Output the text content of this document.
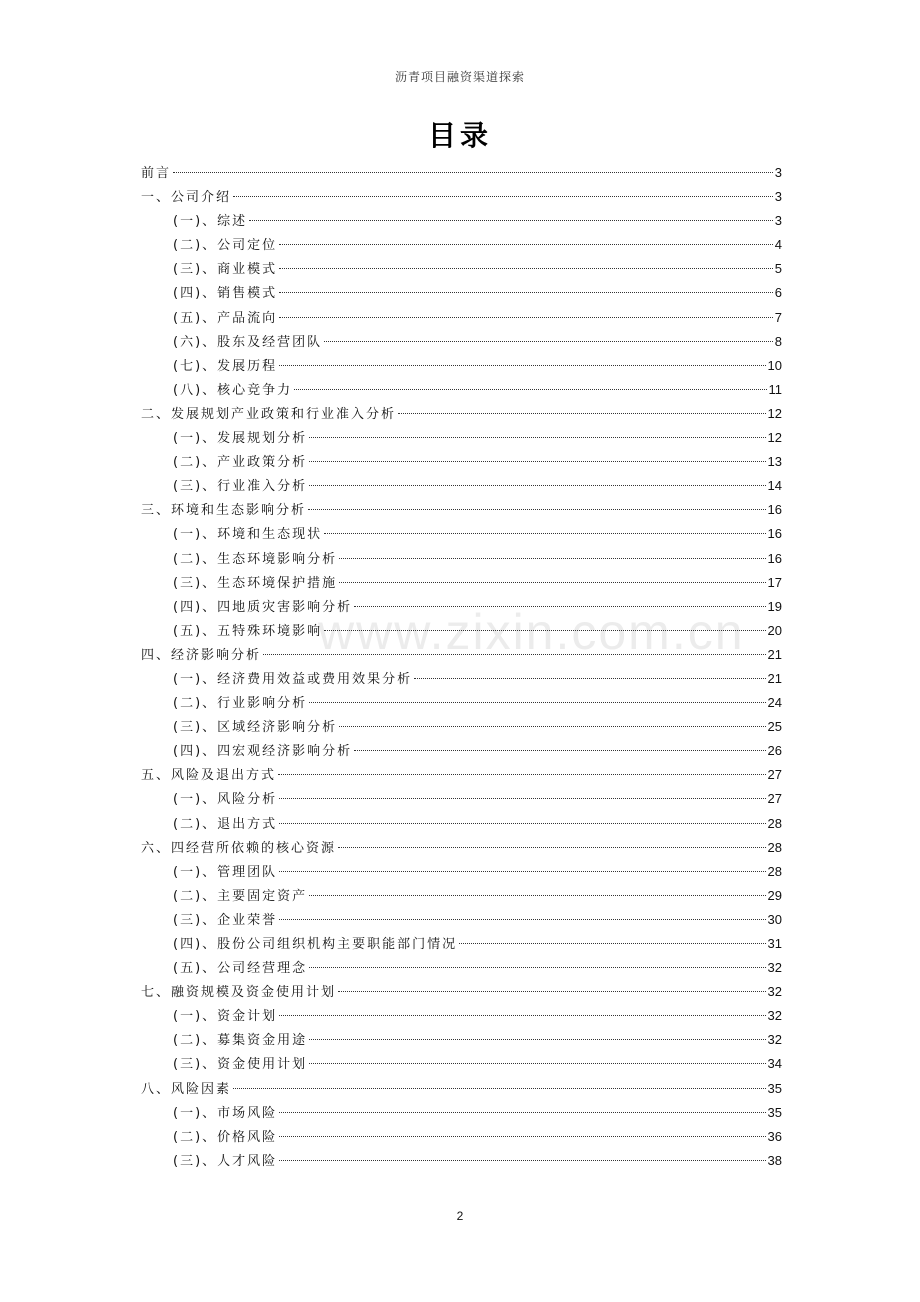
沥青项目融资渠道探索
目录
www.zixin.com.cn
前言	3
一、公司介绍	3
(一)、综述	3
(二)、公司定位	4
(三)、商业模式	5
(四)、销售模式	6
(五)、产品流向	7
(六)、股东及经营团队	8
(七)、发展历程	10
(八)、核心竞争力	11
二、发展规划产业政策和行业准入分析	12
(一)、发展规划分析	12
(二)、产业政策分析	13
(三)、行业准入分析	14
三、环境和生态影响分析	16
(一)、环境和生态现状	16
(二)、生态环境影响分析	16
(三)、生态环境保护措施	17
(四)、四地质灾害影响分析	19
(五)、五特殊环境影响	20
四、经济影响分析	21
(一)、经济费用效益或费用效果分析	21
(二)、行业影响分析	24
(三)、区域经济影响分析	25
(四)、四宏观经济影响分析	26
五、风险及退出方式	27
(一)、风险分析	27
(二)、退出方式	28
六、四经营所依赖的核心资源	28
(一)、管理团队	28
(二)、主要固定资产	29
(三)、企业荣誉	30
(四)、股份公司组织机构主要职能部门情况	31
(五)、公司经营理念	32
七、融资规模及资金使用计划	32
(一)、资金计划	32
(二)、募集资金用途	32
(三)、资金使用计划	34
八、风险因素	35
(一)、市场风险	35
(二)、价格风险	36
(三)、人才风险	38
2
